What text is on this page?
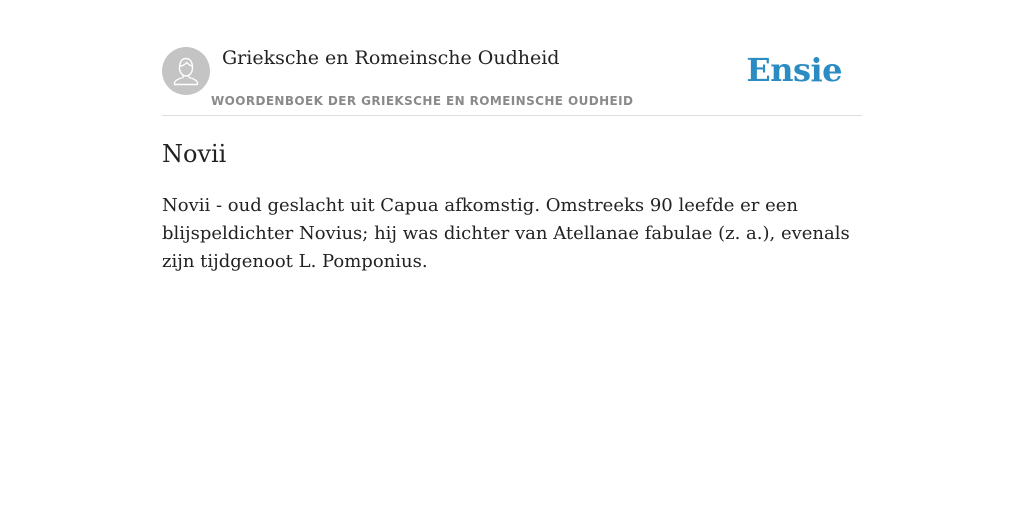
Grieksche en Romeinsche Oudheid
WOORDENBOEK DER GRIEKSCHE EN ROMEINSCHE OUDHEID
Ensie
Novii

Novii - oud geslacht uit Capua afkomstig. Omstreeks 90 leefde er een blijspeldichter Novius; hij was dichter van Atellanae fabulae (z. a.), evenals zijn tijdgenoot L. Pomponius.
